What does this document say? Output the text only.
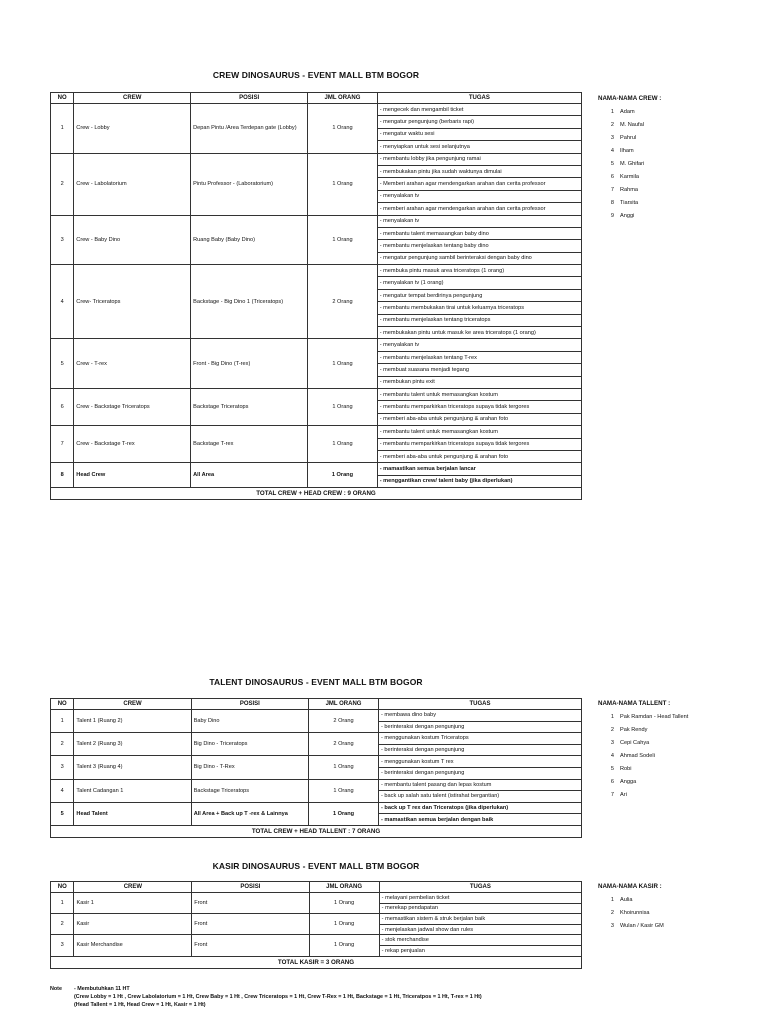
CREW DINOSAURUS - EVENT MALL BTM BOGOR
NO	CREW	POSISI	JML ORANG	TUGAS
1	Crew - Lobby	Depan Pintu /Area Terdepan gate (Lobby)	1 Orang	- mengecek dan mengambil ticket
				- mengatur pengunjung (berbaris rapi)
				- mengatur waktu sesi
				- menyiapkan untuk sesi selanjutnya
2	Crew - Labolatorium	Pintu Professor - (Laboratorium)	1 Orang	- membantu lobby jika pengunjung ramai
				- membukakan pintu jika sudah waktunya dimulai
				- Memberi arahan agar mendengarkan arahan dan cerita professor
				- menyalakan tv
				- memberi arahan agar mendengarkan arahan dan cerita professor
3	Crew - Baby Dino	Ruang Baby (Baby Dino)	1 Orang	- menyalakan tv
				- membantu talent memasangkan baby dino
				- membantu menjelaskan tentang baby dino
				- mengatur pengunjung sambil berinteraksi dengan baby dino
4	Crew- Triceratops	Backstage - Big Dino 1 (Triceratops)	2 Orang	- membuka pintu masuk area triceratops (1 orang)
				- menyalakan tv (1 orang)
				- mengatur tempat berdirinya pengunjung
				- membantu membukakan tirai untuk keluarnya triceratops
				- membantu menjelaskan tentang triceratops
				- membukakan pintu untuk masuk ke area triceratops (1 orang)
5	Crew - T-rex	Front - Big Dino (T-rex)	1 Orang	- menyalakan tv
				- membantu menjelaskan tentang T-rex
				- membuat suasana menjadi tegang
				- membukan pintu exit
6	Crew - Backstage Triceratops	Backstage Triceratops	1 Orang	- membantu talent untuk memasangkan kostum
				- membantu memparkirkan triceratops supaya tidak tergores
				- memberi aba-aba untuk pengunjung & arahan foto
7	Crew - Backstage T-rex	Backstage T-rex	1 Orang	- membantu talent untuk memasangkan kostum
				- membantu memparkirkan triceratops supaya tidak tergores
				- memberi aba-aba untuk pengunjung & arahan foto
8	Head Crew	All Area	1 Orang	- mamastikan semua berjalan lancar
				- menggantikan crew/ talent baby (jika diperlukan)
TOTAL CREW + HEAD CREW : 9 ORANG				
NAMA-NAMA CREW :
1 Adam
2 M. Naufal
3 Pahrul
4 Ilham
5 M. Ghifari
6 Karmila
7 Rahma
8 Tiarsita
9 Anggi
TALENT DINOSAURUS - EVENT MALL BTM BOGOR
NO	CREW	POSISI	JML ORANG	TUGAS
1	Talent 1 (Ruang 2)	Baby Dino	2 Orang	- membawa dino baby
				- berinteraksi dengan pengunjung
2	Talent 2 (Ruang 3)	Big Dino - Triceratops	2 Orang	- menggunakan kostum Triceratops
				- berinteraksi dengan pengunjung
3	Talent 3 (Ruang 4)	Big Dino - T-Rex	1 Orang	- menggunakan kostum T rex
				- berinteraksi dengan pengunjung
4	Talent Cadangan 1	Backstage Triceratops	1 Orang	- membantu talent pasang dan lepas kostum
				- back up salah satu talent (istirahat bergantian)
5	Head Talent	All Area + Back up T -rex & Lainnya	1 Orang	- back up T rex dan Triceratops (jika diperlukan)
				- mamastikan semua berjalan dengan baik
TOTAL CREW + HEAD TALLENT : 7 ORANG				
NAMA-NAMA TALLENT :
1 Pak Ramdan - Head Tallent
2 Pak Rendy
3 Cepi Cahya
4 Ahmad Sodeli
5 Robi
6 Angga
7 Ari
KASIR DINOSAURUS - EVENT MALL BTM BOGOR
NO	CREW	POSISI	JML ORANG	TUGAS
1	Kasir 1	Front	1 Orang	- melayani pembelian ticket
				- merekap pendapatan
2	Kasir	Front	1 Orang	- memastikan sistem & struk berjalan baik
				- menjelaskan jadwal show dan rules
3	Kasir Merchandise	Front	1 Orang	- stok merchandise
				- rekap penjualan
TOTAL KASIR = 3 ORANG				
NAMA-NAMA KASIR :
1 Aulia
2 Khoirunnisa
3 Wulan / Kasir GM
Note - Membutuhkan 11 HT
(Crew Lobby = 1 Ht , Crew Labolatorium = 1 Ht, Crew Baby = 1 Ht , Crew Triceratops = 1 Ht, Crew T-Rex = 1 Ht, Backstage = 1 Ht, Triceratpos = 1 Ht, T-rex = 1 Ht)
(Head Tallent = 1 Ht, Head Crew = 1 Ht, Kasir = 1 Ht)
